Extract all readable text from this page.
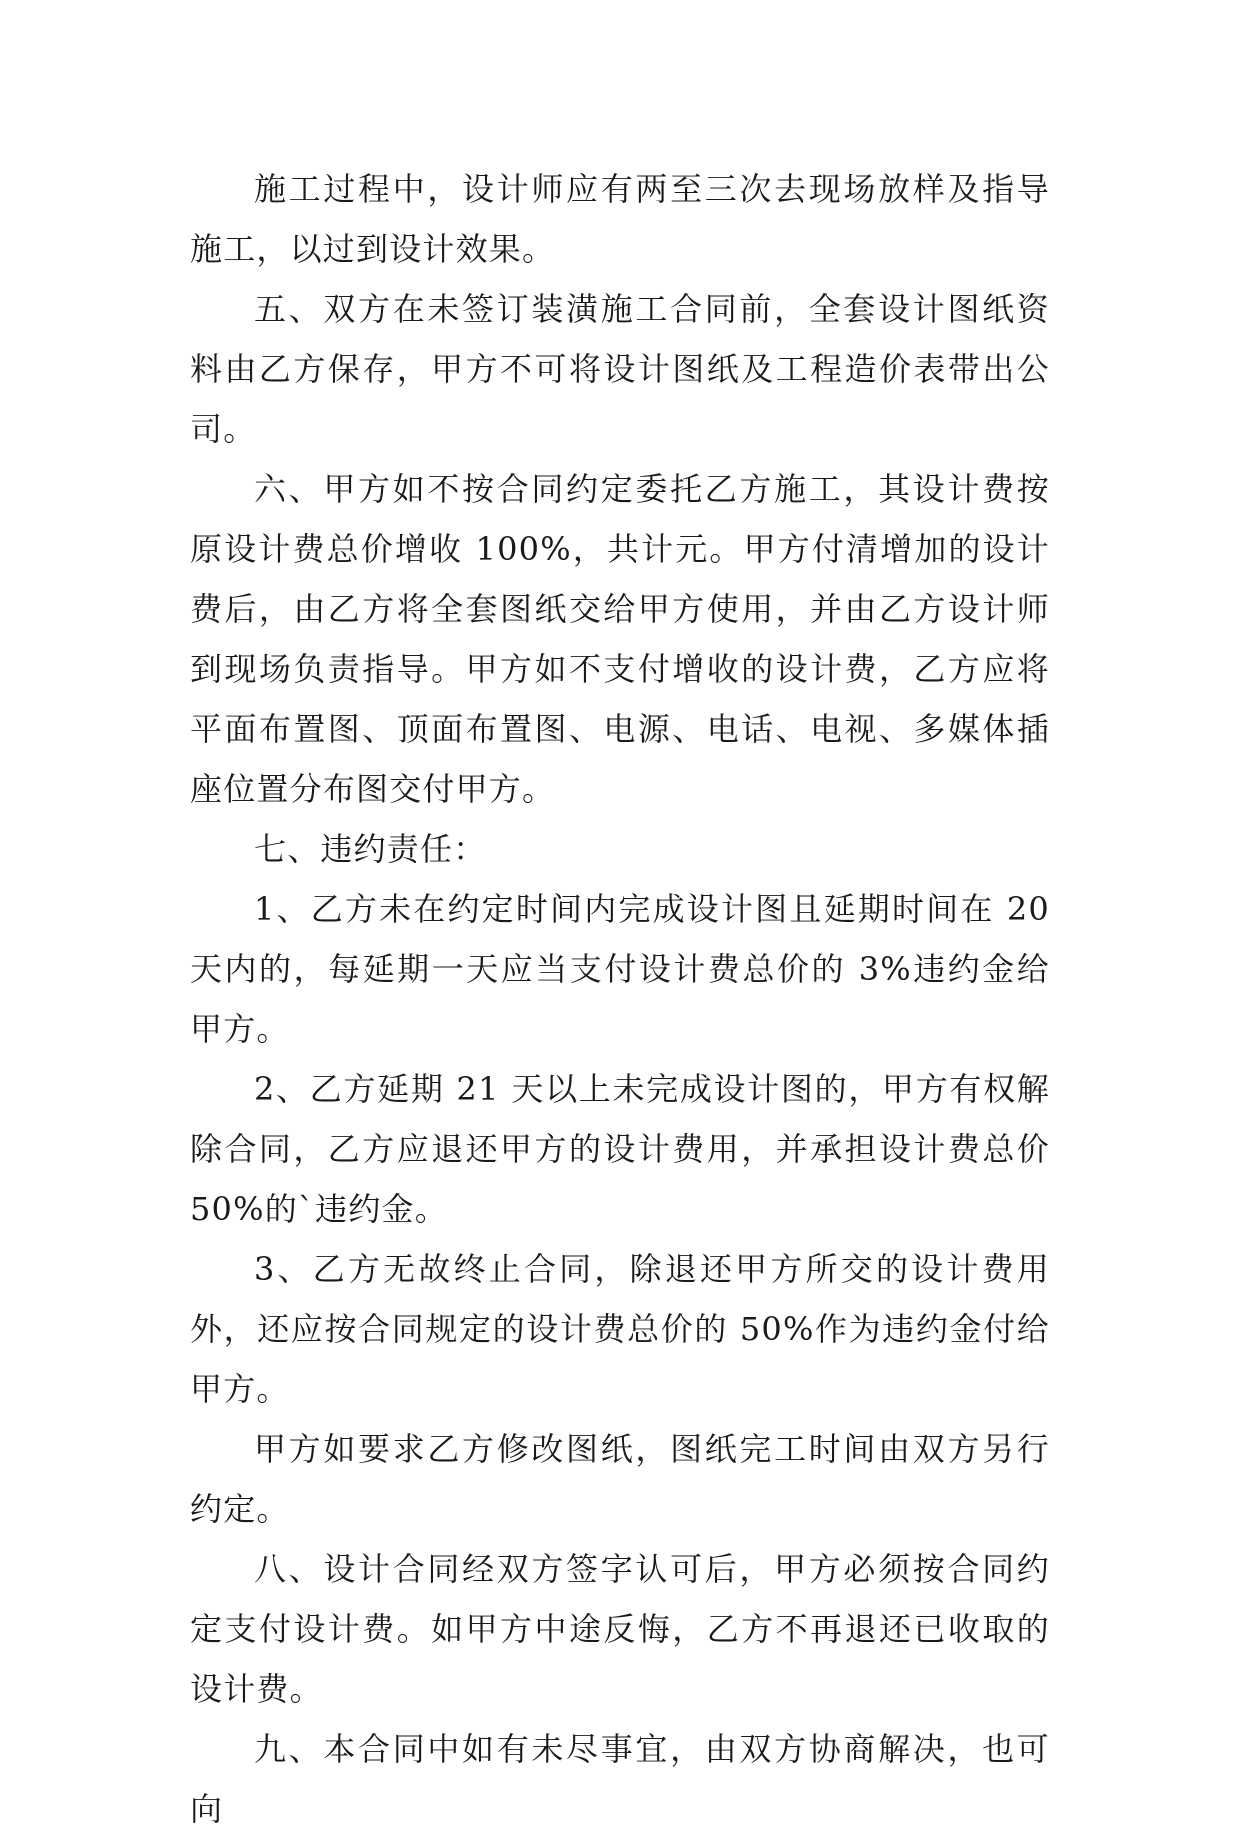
施工过程中，设计师应有两至三次去现场放样及指导施工，以过到设计效果。

五、双方在未签订装潢施工合同前，全套设计图纸资料由乙方保存，甲方不可将设计图纸及工程造价表带出公司。

六、甲方如不按合同约定委托乙方施工，其设计费按原设计费总价增收 100%，共计元。甲方付清增加的设计费后，由乙方将全套图纸交给甲方使用，并由乙方设计师到现场负责指导。甲方如不支付增收的设计费，乙方应将平面布置图、顶面布置图、电源、电话、电视、多媒体插座位置分布图交付甲方。

七、违约责任：

1、乙方未在约定时间内完成设计图且延期时间在 20 天内的，每延期一天应当支付设计费总价的 3%违约金给甲方。

2、乙方延期 21 天以上未完成设计图的，甲方有权解除合同，乙方应退还甲方的设计费用，并承担设计费总价 50%的`违约金。

3、乙方无故终止合同，除退还甲方所交的设计费用外，还应按合同规定的设计费总价的 50%作为违约金付给甲方。

甲方如要求乙方修改图纸，图纸完工时间由双方另行约定。

八、设计合同经双方签字认可后，甲方必须按合同约定支付设计费。如甲方中途反悔，乙方不再退还已收取的设计费。

九、本合同中如有未尽事宜，由双方协商解决，也可向
